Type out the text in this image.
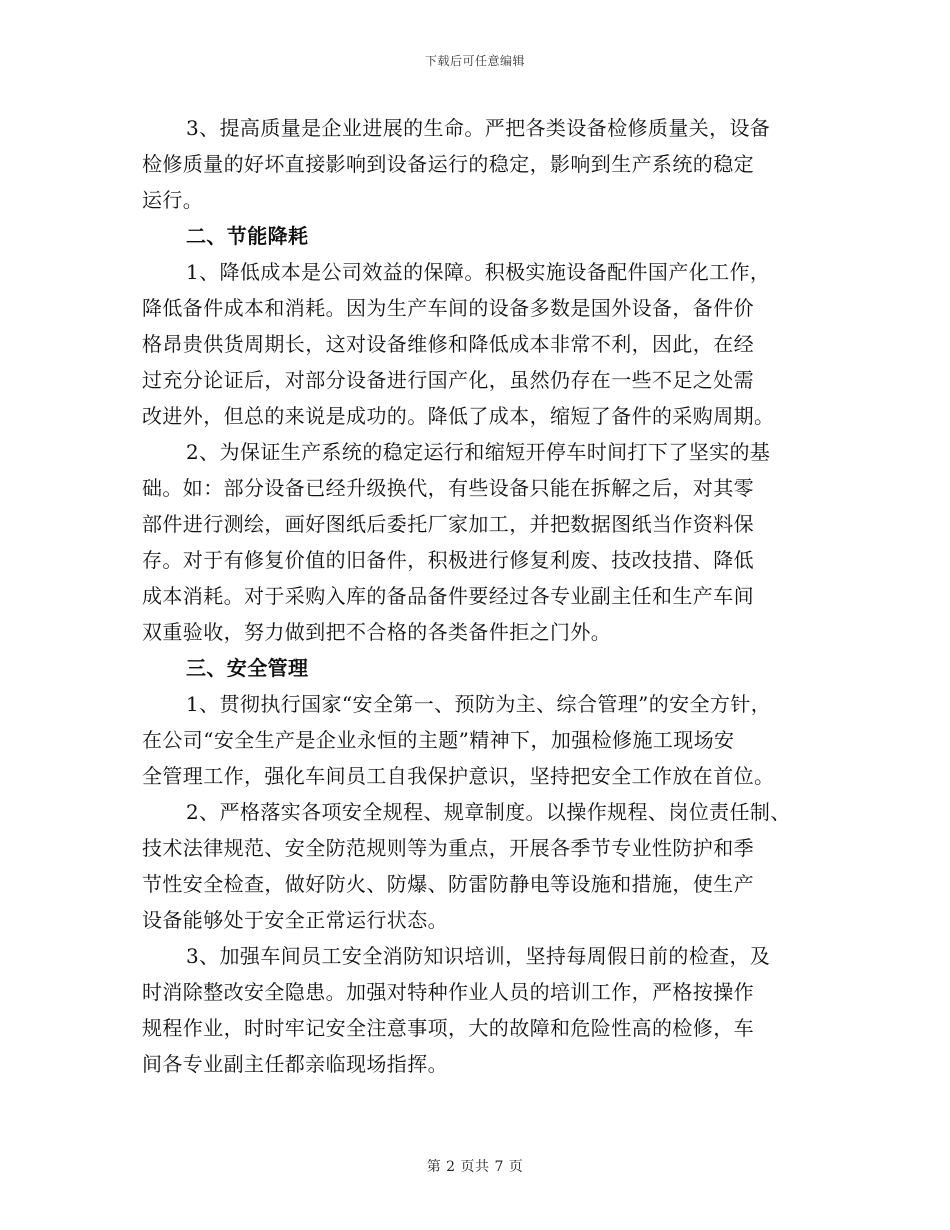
下载后可任意编辑
3、提高质量是企业进展的生命。严把各类设备检修质量关，设备
检修质量的好坏直接影响到设备运行的稳定，影响到生产系统的稳定
运行。
二、节能降耗
1、降低成本是公司效益的保障。积极实施设备配件国产化工作，
降低备件成本和消耗。因为生产车间的设备多数是国外设备，备件价
格昂贵供货周期长，这对设备维修和降低成本非常不利，因此，在经
过充分论证后，对部分设备进行国产化，虽然仍存在一些不足之处需
改进外，但总的来说是成功的。降低了成本，缩短了备件的采购周期。
2、为保证生产系统的稳定运行和缩短开停车时间打下了坚实的基
础。如：部分设备已经升级换代，有些设备只能在拆解之后，对其零
部件进行测绘，画好图纸后委托厂家加工，并把数据图纸当作资料保
存。对于有修复价值的旧备件，积极进行修复利废、技改技措、降低
成本消耗。对于采购入库的备品备件要经过各专业副主任和生产车间
双重验收，努力做到把不合格的各类备件拒之门外。
三、安全管理
1、贯彻执行国家“安全第一、预防为主、综合管理”的安全方针，
在公司“安全生产是企业永恒的主题”精神下，加强检修施工现场安
全管理工作，强化车间员工自我保护意识，坚持把安全工作放在首位。
2、严格落实各项安全规程、规章制度。以操作规程、岗位责任制、
技术法律规范、安全防范规则等为重点，开展各季节专业性防护和季
节性安全检查，做好防火、防爆、防雷防静电等设施和措施，使生产
设备能够处于安全正常运行状态。
3、加强车间员工安全消防知识培训，坚持每周假日前的检查，及
时消除整改安全隐患。加强对特种作业人员的培训工作，严格按操作
规程作业，时时牢记安全注意事项，大的故障和危险性高的检修，车
间各专业副主任都亲临现场指挥。
第 2 页共 7 页
